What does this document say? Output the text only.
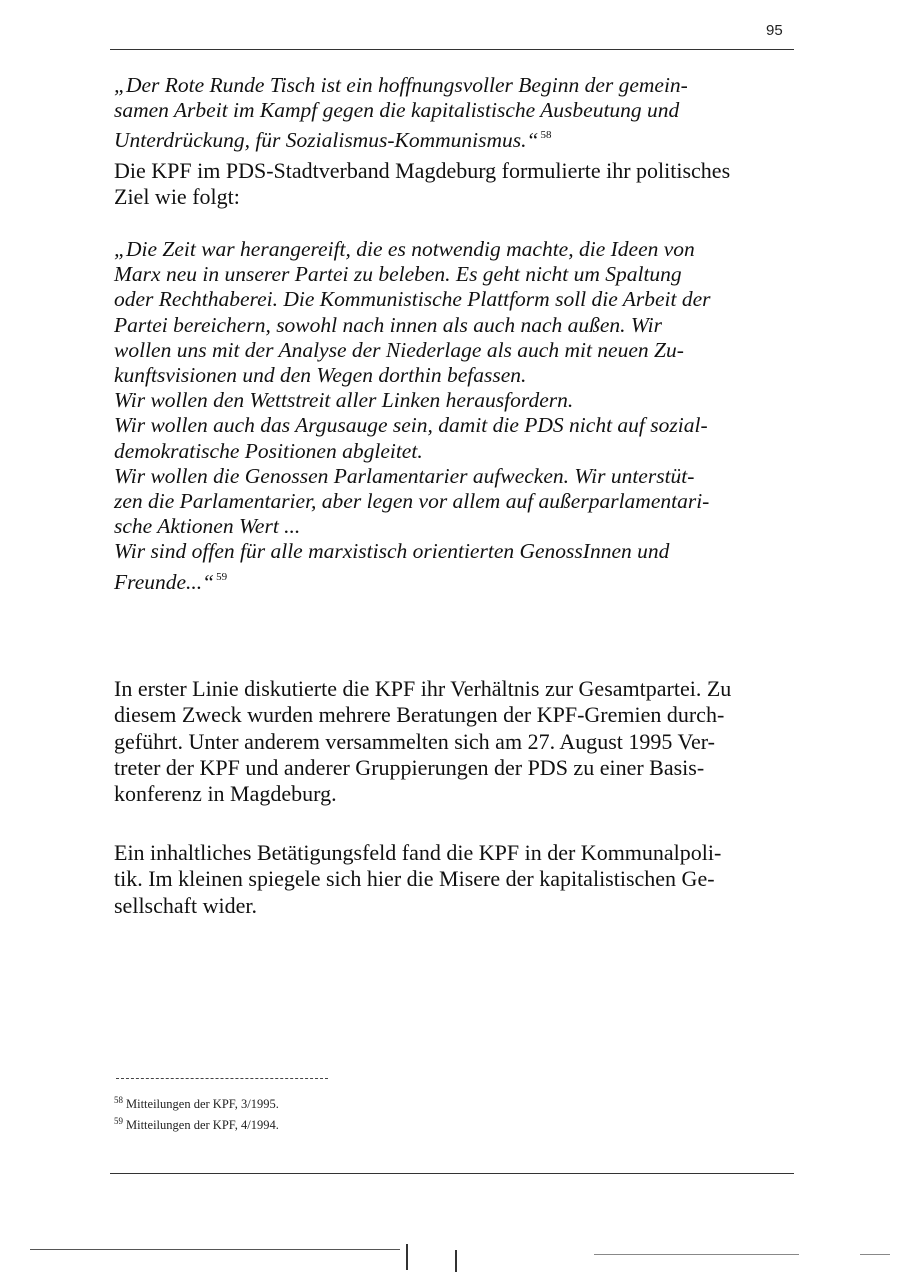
95
„Der Rote Runde Tisch ist ein hoffnungsvoller Beginn der gemein-
samen Arbeit im Kampf gegen die kapitalistische Ausbeutung und
Unterdrückung, für Sozialismus-Kommunismus.“ $^{58}$
Die KPF im PDS-Stadtverband Magdeburg formulierte ihr politisches
Ziel wie folgt:
„Die Zeit war herangereift, die es notwendig machte, die Ideen von
Marx neu in unserer Partei zu beleben. Es geht nicht um Spaltung
oder Rechthaberei. Die Kommunistische Plattform soll die Arbeit der
Partei bereichern, sowohl nach innen als auch nach außen. Wir
wollen uns mit der Analyse der Niederlage als auch mit neuen Zu-
kunftsvisionen und den Wegen dorthin befassen.
Wir wollen den Wettstreit aller Linken herausfordern.
Wir wollen auch das Argusauge sein, damit die PDS nicht auf sozial-
demokratische Positionen abgleitet.
Wir wollen die Genossen Parlamentarier aufwecken. Wir unterstüt-
zen die Parlamentarier, aber legen vor allem auf außerparlamentari-
sche Aktionen Wert ...
Wir sind offen für alle marxistisch orientierten GenossInnen und
Freunde...“ $^{59}$
In erster Linie diskutierte die KPF ihr Verhältnis zur Gesamtpartei. Zu
diesem Zweck wurden mehrere Beratungen der KPF-Gremien durch-
geführt. Unter anderem versammelten sich am 27. August 1995 Ver-
treter der KPF und anderer Gruppierungen der PDS zu einer Basis-
konferenz in Magdeburg.
Ein inhaltliches Betätigungsfeld fand die KPF in der Kommunalpoli-
tik. Im kleinen spiegele sich hier die Misere der kapitalistischen Ge-
sellschaft wider.
$^{58}$ Mitteilungen der KPF, 3/1995.
$^{59}$ Mitteilungen der KPF, 4/1994.
